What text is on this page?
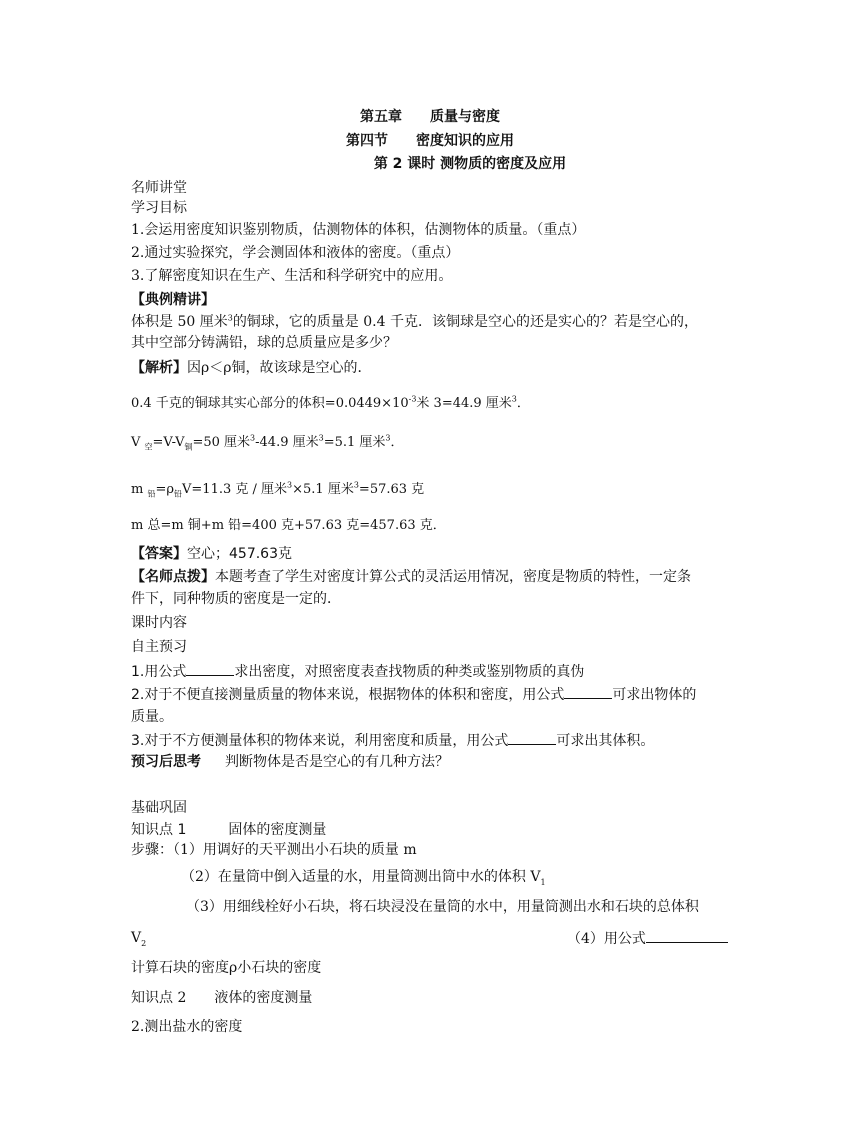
第五章　　质量与密度
第四节　　密度知识的应用
第 2 课时 测物质的密度及应用
名师讲堂
学习目标
1.会运用密度知识鉴别物质，估测物体的体积，估测物体的质量。（重点）
2.通过实验探究，学会测固体和液体的密度。（重点）
3.了解密度知识在生产、生活和科学研究中的应用。
【典例精讲】
体积是 50 厘米$^3$的铜球，它的质量是 0.4 千克．该铜球是空心的还是实心的？若是空心的，
其中空部分铸满铅，球的总质量应是多少？
【解析】因ρ＜ρ铜，故该球是空心的．
0.4 千克的铜球其实心部分的体积$=0.0449\times 10^{-3}$米 3=44.9 厘米$^3$．
V $_空=V-V_铜=50$ 厘米$^3$-44.9 厘米$^3$=5.1 厘米$^3$．
m $_铅=\rho_铅V=11.3$ 克 / 厘米$^3$×5.1 厘米$^3$=57.63 克
m 总=m 铜+m 铅=400 克+57.63 克=457.63 克．
【答案】空心；457.63克
【名师点拨】本题考查了学生对密度计算公式的灵活运用情况，密度是物质的特性，一定条
件下，同种物质的密度是一定的．
课时内容
自主预习
1.用公式	求出密度，对照密度表查找物质的种类或鉴别物质的真伪
2.对于不便直接测量质量的物体来说，根据物体的体积和密度，用公式	可求出物体的
质量。
3.对于不方便测量体积的物体来说，利用密度和质量，用公式	可求出其体积。
预习后思考 判断物体是否是空心的有几种方法？
基础巩固
知识点 1　　　固体的密度测量
步骤：（1）用调好的天平测出小石块的质量 m
（2）在量筒中倒入适量的水，用量筒测出筒中水的体积 $V_1$
（3）用细线栓好小石块，将石块浸没在量筒的水中，用量筒测出水和石块的总体积
$V_2$	（4）用公式
计算石块的密度ρ小石块的密度
知识点 2　　液体的密度测量
2.测出盐水的密度
